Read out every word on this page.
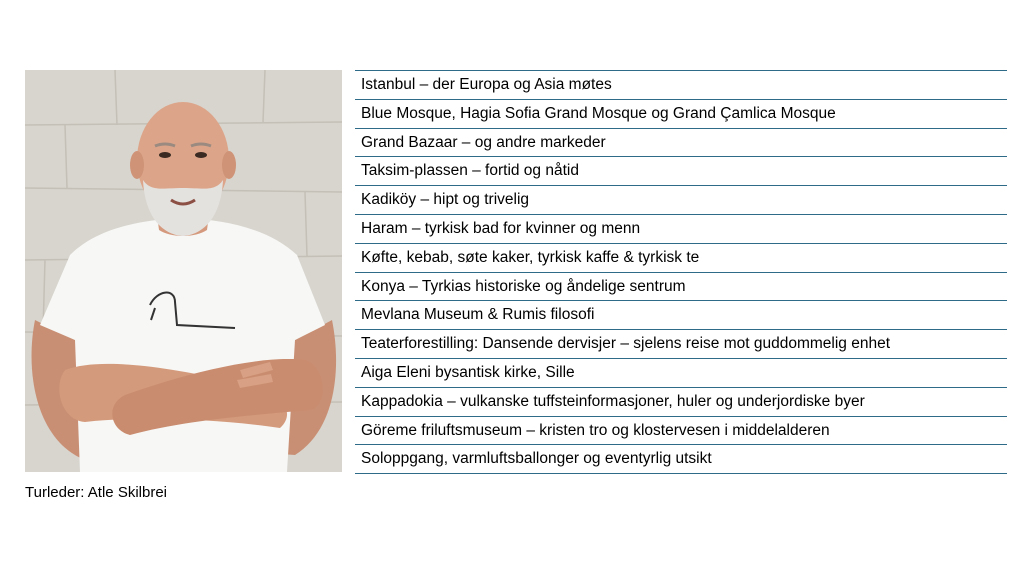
Turleder: Atle Skilbrei
Istanbul – der Europa og Asia møtes
Blue Mosque, Hagia Sofia Grand Mosque og Grand Çamlica Mosque
Grand Bazaar – og andre markeder
Taksim-plassen – fortid og nåtid
Kadiköy – hipt og trivelig
Haram – tyrkisk bad for kvinner og menn
Køfte, kebab, søte kaker, tyrkisk kaffe & tyrkisk te
Konya – Tyrkias historiske og åndelige sentrum
Mevlana Museum & Rumis filosofi
Teaterforestilling: Dansende dervisjer – sjelens reise mot guddommelig enhet
Aiga Eleni bysantisk kirke, Sille
Kappadokia – vulkanske tuffsteinformasjoner, huler og underjordiske byer
Göreme friluftsmuseum – kristen tro og klostervesen i middelalderen
Soloppgang, varmluftsballonger og eventyrlig utsikt
